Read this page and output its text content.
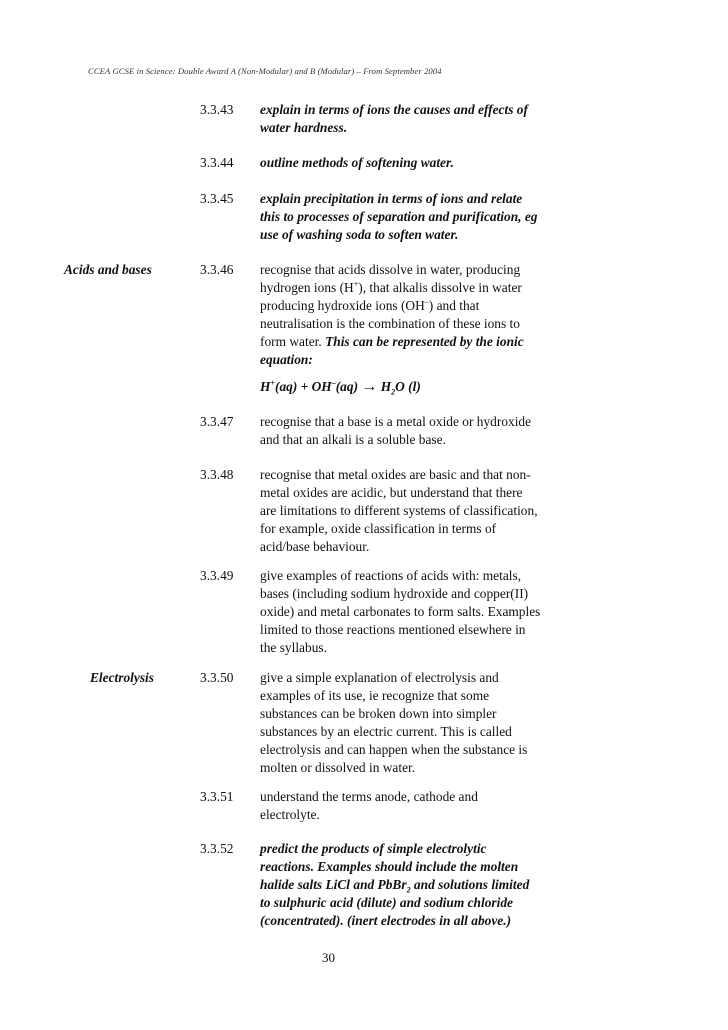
CCEA GCSE in Science: Double Award A (Non-Modular) and B (Modular) – From September 2004
3.3.43 explain in terms of ions the causes and effects of
water hardness.
3.3.44 outline methods of softening water.
3.3.45 explain precipitation in terms of ions and relate
this to processes of separation and purification, eg
use of washing soda to soften water.
Acids and bases	3.3.46 recognise that acids dissolve in water, producing
hydrogen ions (H+), that alkalis dissolve in water
producing hydroxide ions (OH–) and that
neutralisation is the combination of these ions to
form water. This can be represented by the ionic
equation:
$H^+(aq) + OH^-(aq) \to H_2O$ (l)
3.3.47 recognise that a base is a metal oxide or hydroxide
and that an alkali is a soluble base.
3.3.48 recognise that metal oxides are basic and that non-
metal oxides are acidic, but understand that there
are limitations to different systems of classification,
for example, oxide classification in terms of
acid/base behaviour.
3.3.49 give examples of reactions of acids with: metals,
bases (including sodium hydroxide and copper(II)
oxide) and metal carbonates to form salts. Examples
limited to those reactions mentioned elsewhere in
the syllabus.
Electrolysis	3.3.50 give a simple explanation of electrolysis and
examples of its use, ie recognize that some
substances can be broken down into simpler
substances by an electric current. This is called
electrolysis and can happen when the substance is
molten or dissolved in water.
3.3.51 understand the terms anode, cathode and
electrolyte.
3.3.52 predict the products of simple electrolytic
reactions. Examples should include the molten
halide salts LiCl and PbBr$_2$ and solutions limited
to sulphuric acid (dilute) and sodium chloride
(concentrated). (inert electrodes in all above.)
30
